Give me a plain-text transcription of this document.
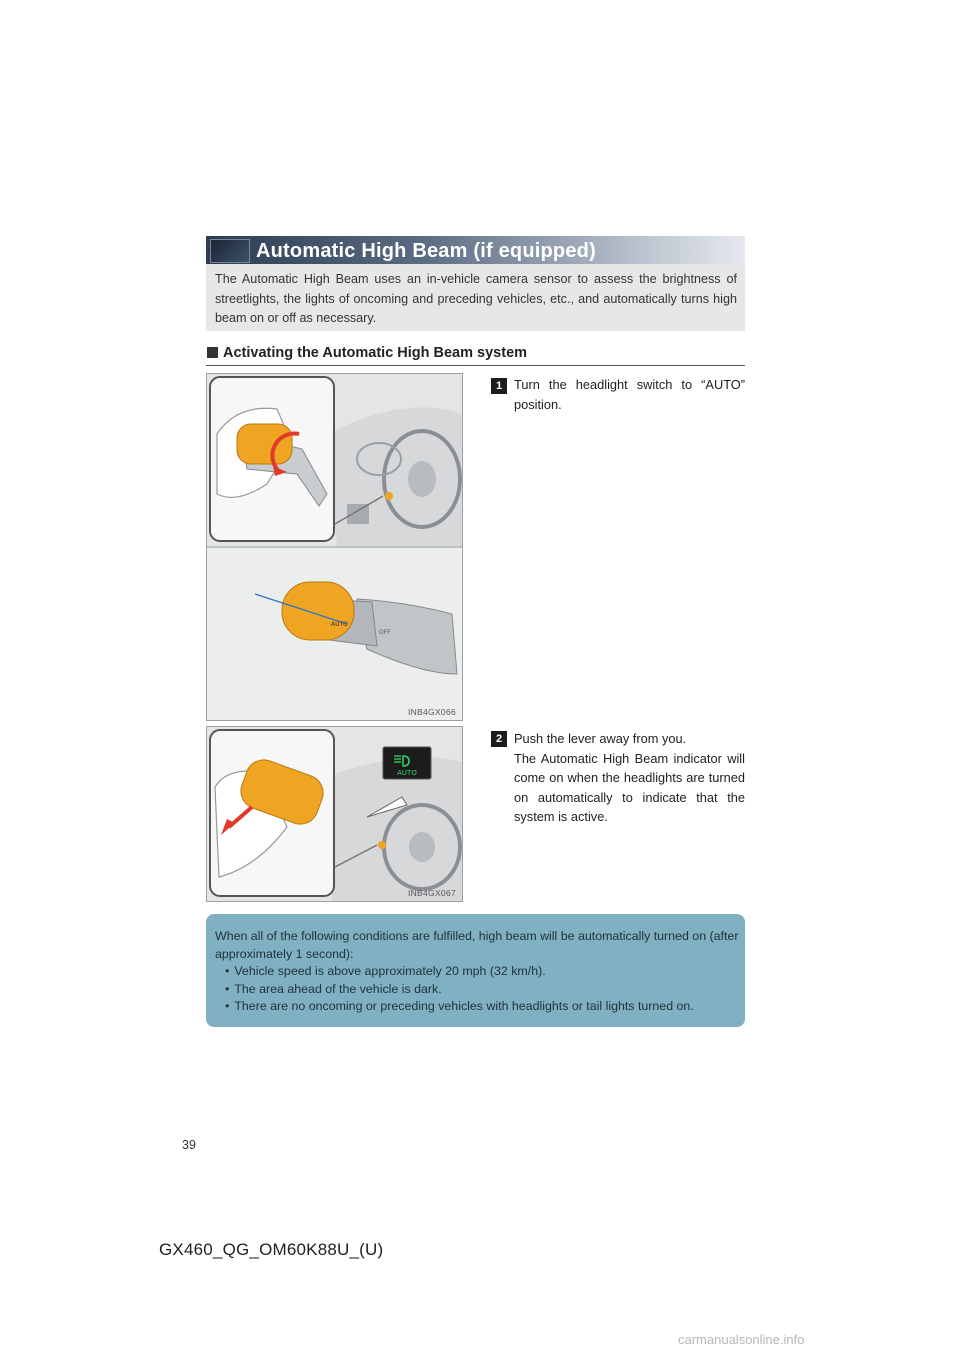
Automatic High Beam (if equipped)
The Automatic High Beam uses an in-vehicle camera sensor to assess the brightness of streetlights, the lights of oncoming and preceding vehicles, etc., and automatically turns high beam on or off as necessary.
Activating the Automatic High Beam system
AUTO
OFF
INB4GX066
1 Turn the headlight switch to “AUTO” position.
AUTO
INB4GX067
2 Push the lever away from you.
The Automatic High Beam indicator will come on when the headlights are turned on automatically to indicate that the system is active.
When all of the following conditions are fulfilled, high beam will be automatically turned on (after approximately 1 second):
• Vehicle speed is above approximately 20 mph (32 km/h).
• The area ahead of the vehicle is dark.
• There are no oncoming or preceding vehicles with headlights or tail lights turned on.
39
GX460_QG_OM60K88U_(U)
carmanualsonline.info
